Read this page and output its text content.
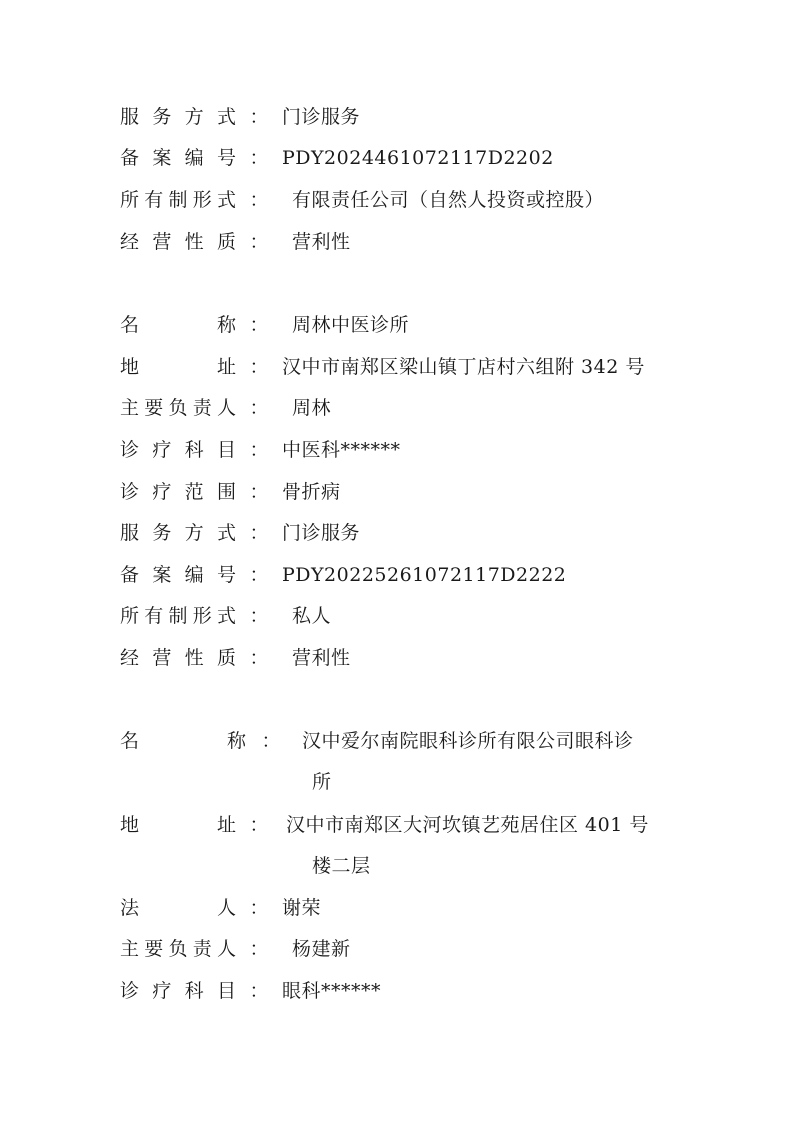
服 务 方 式 ： 门诊服务
备 案 编 号 ： PDY2024461072117D2202
所 有 制 形 式 ： 有限责任公司（自然人投资或控股）
经 营 性 质 ： 营利性
名	称 ： 周林中医诊所
地	址 ： 汉中市南郑区梁山镇丁店村六组附 342 号
主 要 负 责 人 ： 周林
诊 疗 科 目 ： 中医科******
诊 疗 范 围 ： 骨折病
服 务 方 式 ： 门诊服务
备 案 编 号 ： PDY20225261072117D2222
所 有 制 形 式 ： 私人
经 营 性 质 ： 营利性
名	称 ： 汉中爱尔南院眼科诊所有限公司眼科诊
所
地	址 ： 汉中市南郑区大河坎镇艺苑居住区 401 号
楼二层
法	人 ： 谢荣
主 要 负 责 人 ： 杨建新
诊 疗 科 目 ： 眼科******
